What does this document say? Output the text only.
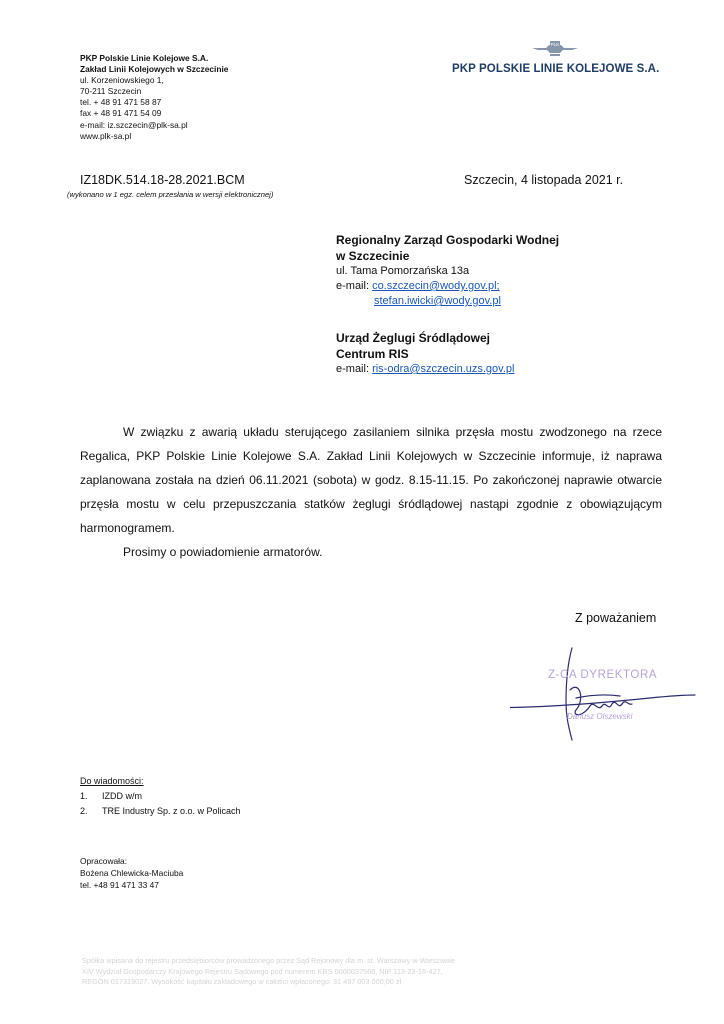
PKP Polskie Linie Kolejowe S.A.
Zakład Linii Kolejowych w Szczecinie
ul. Korzeniowskiego 1,
70-211 Szczecin
tel. + 48 91 471 58 87
fax + 48 91 471 54 09
e-mail: iz.szczecin@plk-sa.pl
www.plk-sa.pl
PLK
PKP POLSKIE LINIE KOLEJOWE S.A.
IZ18DK.514.18-28.2021.BCM
(wykonano w 1 egz. celem przesłania w wersji elektronicznej)
Szczecin, 4 listopada 2021 r.
Regionalny Zarząd Gospodarki Wodnej
w Szczecinie
ul. Tama Pomorzańska 13a
e-mail: co.szczecin@wody.gov.pl;
stefan.iwicki@wody.gov.pl
Urząd Żeglugi Śródlądowej
Centrum RIS
e-mail: ris-odra@szczecin.uzs.gov.pl

W związku z awarią układu sterującego zasilaniem silnika przęsła mostu zwodzonego na rzece Regalica, PKP Polskie Linie Kolejowe S.A. Zakład Linii Kolejowych w Szczecinie informuje, iż naprawa zaplanowana została na dzień 06.11.2021 (sobota) w godz. 8.15-11.15. Po zakończonej naprawie otwarcie przęsła mostu w celu przepuszczania statków żeglugi śródlądowej nastąpi zgodnie z obowiązującym harmonogramem.

Prosimy o powiadomienie armatorów.
Z poważaniem
Z-CA DYREKTORA
Dariusz Olszewski
Do wiadomości:
1. IZDD w/m
2. TRE Industry Sp. z o.o. w Policach
Opracowała:
Bożena Chlewicka-Maciuba
tel. +48 91 471 33 47
Spółka wpisana do rejestru przedsiębiorców prowadzonego przez Sąd Rejonowy dla m. st. Warszawy w Warszawie
XIV Wydział Gospodarczy Krajowego Rejestru Sądowego pod numerem KRS 0000037568, NIP 113-23-16-427,
REGON 017319027. Wysokość kapitału zakładowego w całości wpłaconego: 31 497 003 000,00 zł
